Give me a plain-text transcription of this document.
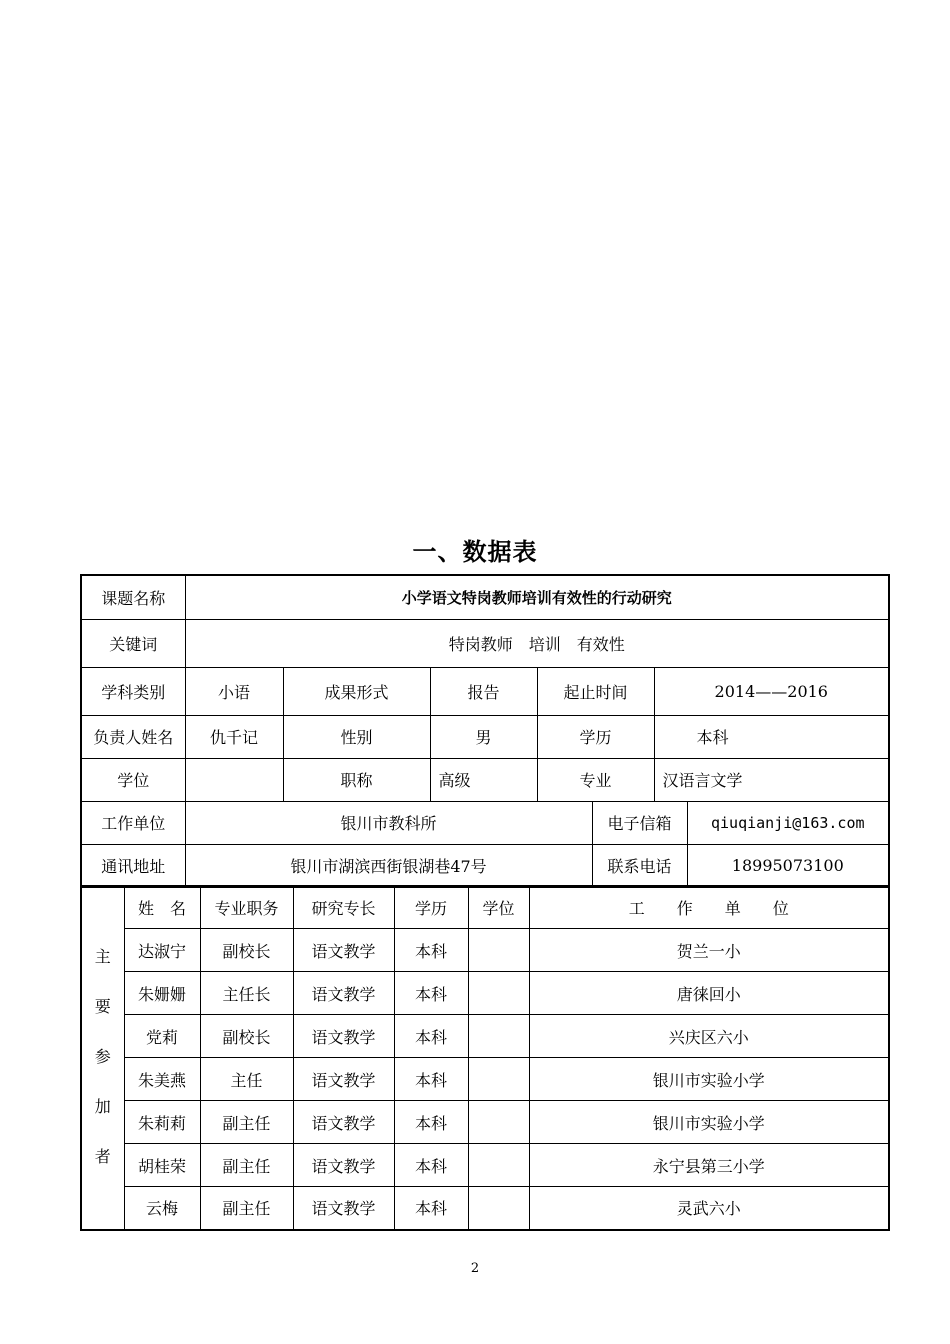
一、数据表
课题名称	小学语文特岗教师培训有效性的行动研究						
关键词	特岗教师　培训　有效性						
学科类别	小语	成果形式	报告	起止时间		2014——2016	
负责人姓名	仇千记	性别	男	学历		本科	
学位		职称	高级	专业		汉语言文学	
工作单位	银川市教科所				电子信箱		qiuqianji@163.com
通讯地址	银川市湖滨西街银湖巷47号				联系电话		18995073100
主
要
参
加
者	姓　名	专业职务	研究专长	学历	学位	工　　作　　单　　位
	达淑宁	副校长	语文教学	本科		贺兰一小
	朱姗姗	主任长	语文教学	本科		唐徕回小
	党莉	副校长	语文教学	本科		兴庆区六小
	朱美燕	主任	语文教学	本科		银川市实验小学
	朱莉莉	副主任	语文教学	本科		银川市实验小学
	胡桂荣	副主任	语文教学	本科		永宁县第三小学
	云梅	副主任	语文教学	本科		灵武六小
2
